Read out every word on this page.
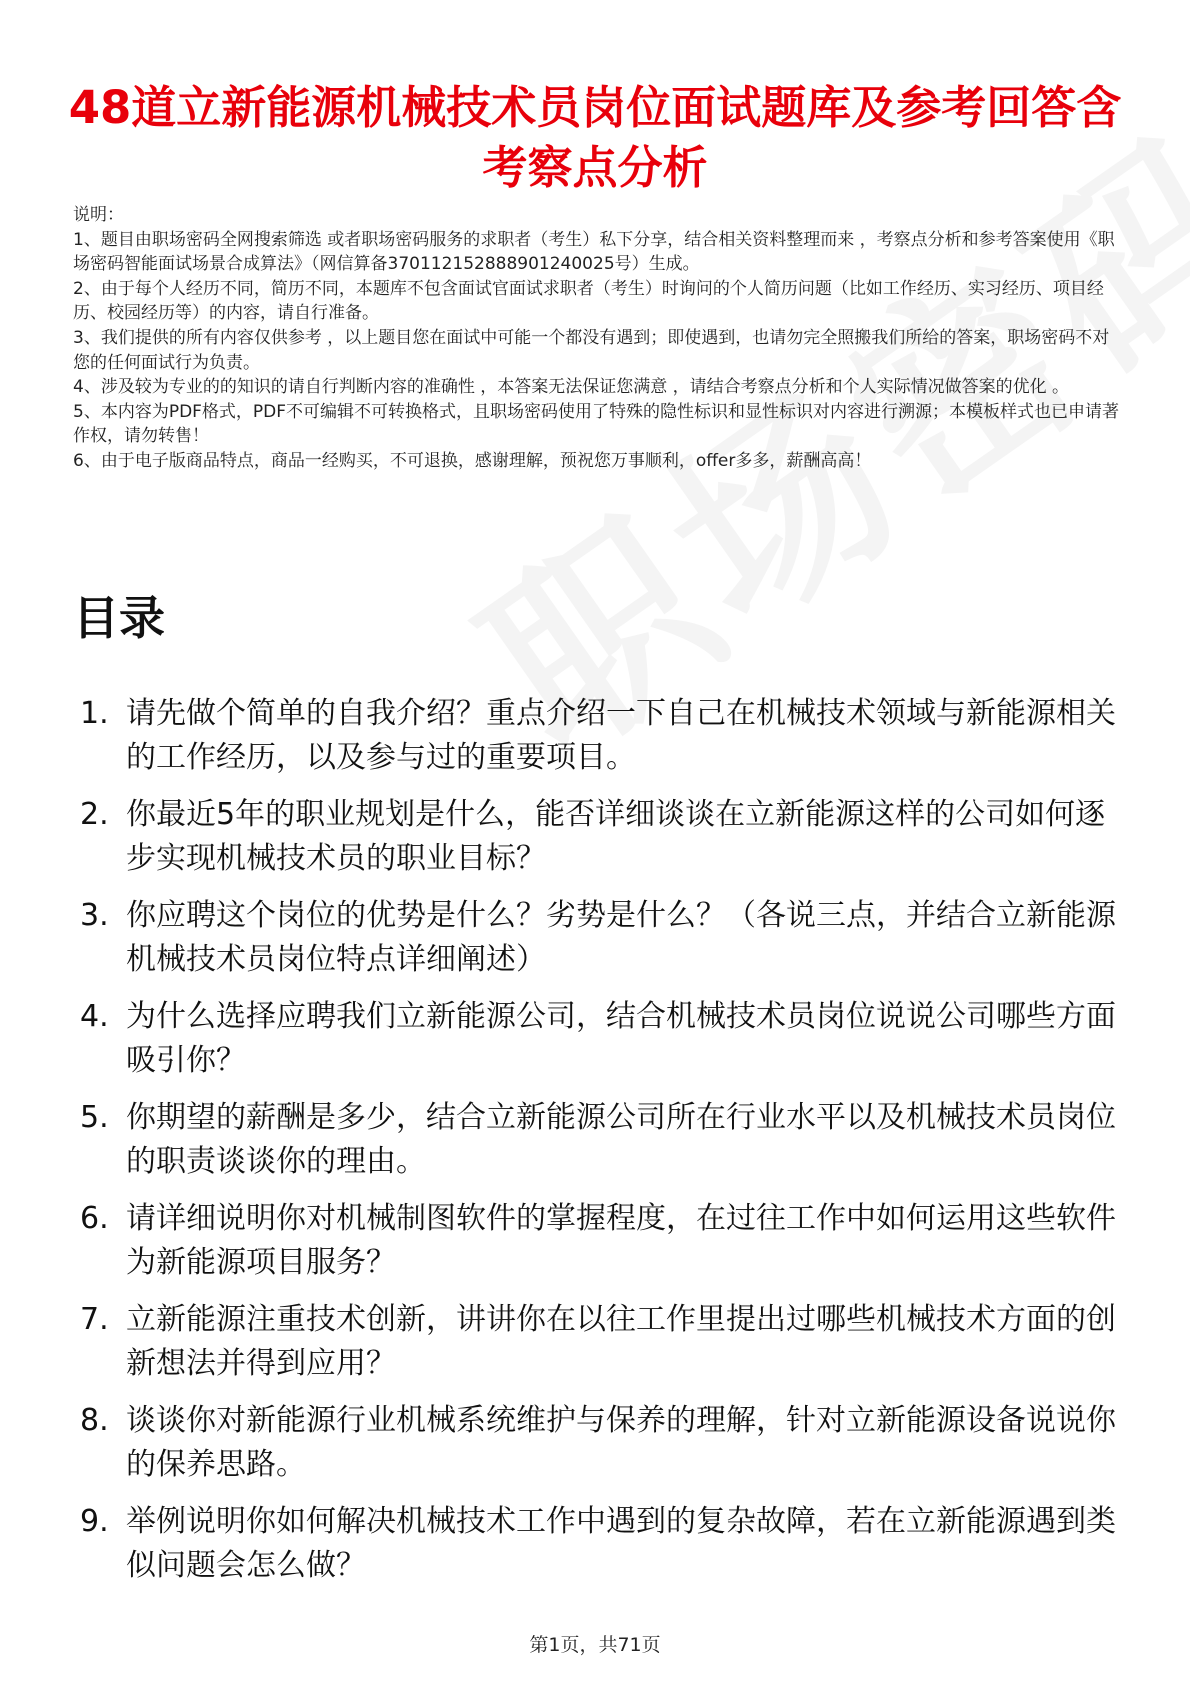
48道立新能源机械技术员岗位面试题库及参考回答含考察点分析

说明：

1、题目由职场密码全网搜索筛选 或者职场密码服务的求职者（考生）私下分享，结合相关资料整理而来 ，考察点分析和参考答案使用《职场密码智能面试场景合成算法》（网信算备370112152888901240025号）生成。

2、由于每个人经历不同，简历不同，本题库不包含面试官面试求职者（考生）时询问的个人简历问题（比如工作经历、实习经历、项目经历、校园经历等）的内容，请自行准备。

3、我们提供的所有内容仅供参考 ，以上题目您在面试中可能一个都没有遇到；即使遇到，也请勿完全照搬我们所给的答案，职场密码不对您的任何面试行为负责。

4、涉及较为专业的的知识的请自行判断内容的准确性 ，本答案无法保证您满意 ，请结合考察点分析和个人实际情况做答案的优化 。

5、本内容为PDF格式，PDF不可编辑不可转换格式，且职场密码使用了特殊的隐性标识和显性标识对内容进行溯源；本模板样式也已申请著作权，请勿转售！

6、由于电子版商品特点，商品一经购买，不可退换，感谢理解，预祝您万事顺利，offer多多，薪酬高高！

目录
1. 请先做个简单的自我介绍？重点介绍一下自己在机械技术领域与新能源相关的工作经历，以及参与过的重要项目。
2. 你最近5年的职业规划是什么，能否详细谈谈在立新能源这样的公司如何逐步实现机械技术员的职业目标？
3. 你应聘这个岗位的优势是什么？劣势是什么？（各说三点，并结合立新能源机械技术员岗位特点详细阐述）
4. 为什么选择应聘我们立新能源公司，结合机械技术员岗位说说公司哪些方面吸引你？
5. 你期望的薪酬是多少，结合立新能源公司所在行业水平以及机械技术员岗位的职责谈谈你的理由。
6. 请详细说明你对机械制图软件的掌握程度，在过往工作中如何运用这些软件为新能源项目服务？
7. 立新能源注重技术创新，讲讲你在以往工作里提出过哪些机械技术方面的创新想法并得到应用？
8. 谈谈你对新能源行业机械系统维护与保养的理解，针对立新能源设备说说你的保养思路。
9. 举例说明你如何解决机械技术工作中遇到的复杂故障，若在立新能源遇到类似问题会怎么做？
第1页，共71页
